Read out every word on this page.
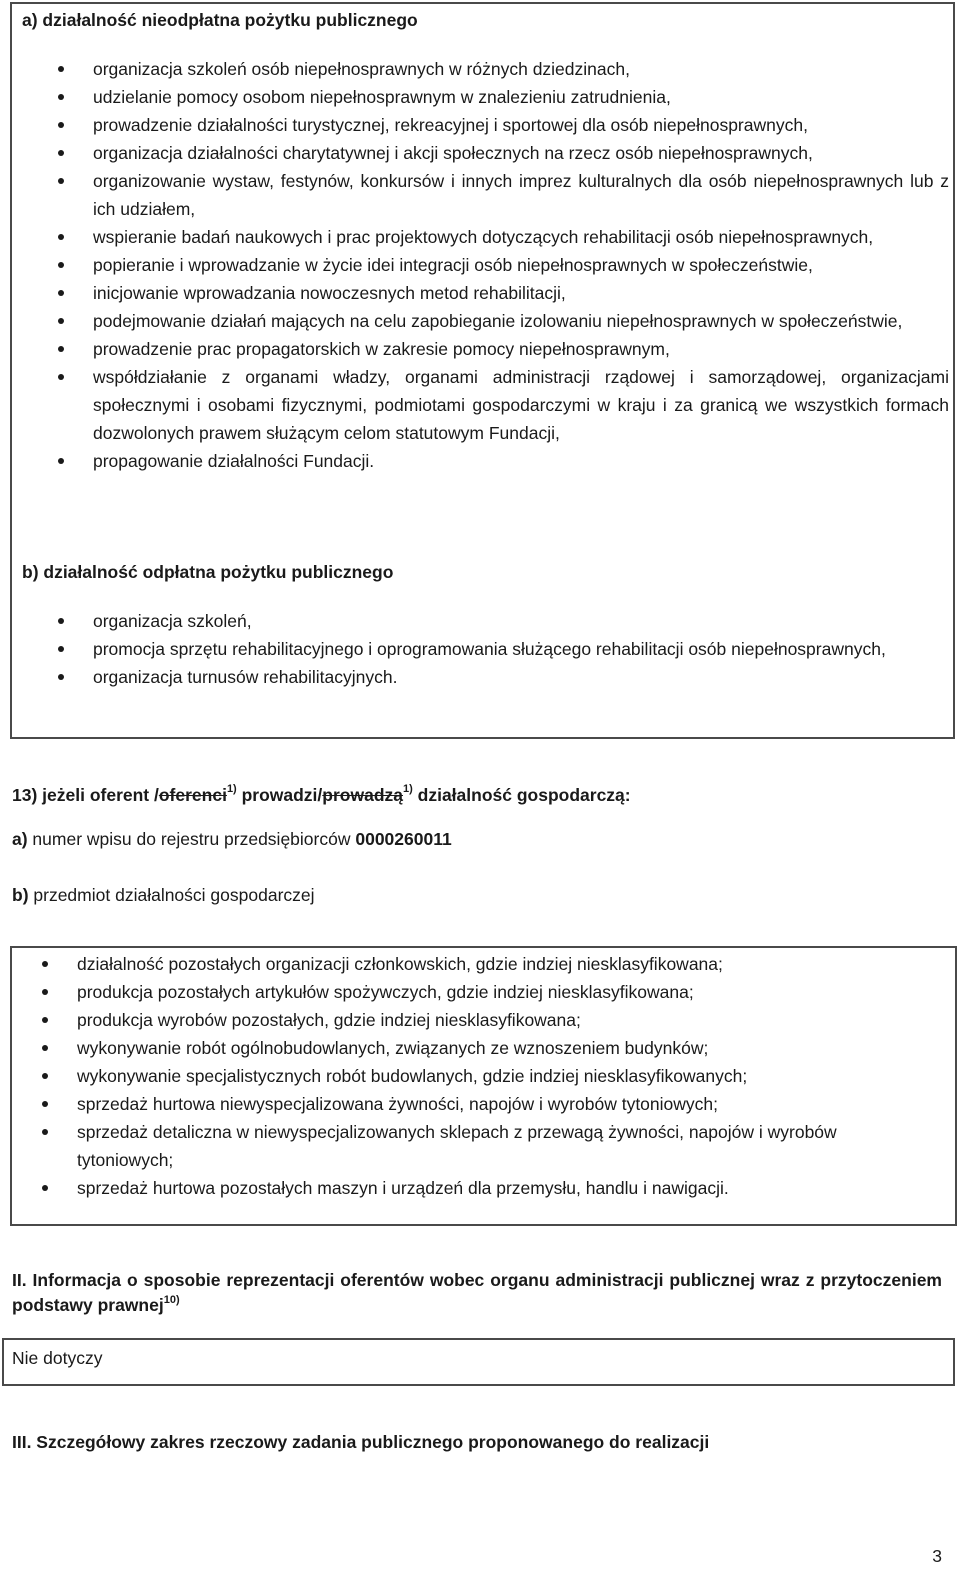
a) działalność nieodpłatna pożytku publicznego
organizacja szkoleń osób niepełnosprawnych w różnych dziedzinach,
udzielanie pomocy osobom niepełnosprawnym w znalezieniu zatrudnienia,
prowadzenie działalności turystycznej, rekreacyjnej i sportowej dla osób niepełnosprawnych,
organizacja działalności charytatywnej i akcji społecznych na rzecz osób niepełnosprawnych,
organizowanie wystaw, festynów, konkursów i innych imprez kulturalnych dla osób niepełnosprawnych lub z ich udziałem,
wspieranie badań naukowych i prac projektowych dotyczących rehabilitacji osób niepełnosprawnych,
popieranie i wprowadzanie w życie idei integracji osób niepełnosprawnych w społeczeństwie,
inicjowanie wprowadzania nowoczesnych metod rehabilitacji,
podejmowanie działań mających na celu zapobieganie izolowaniu niepełnosprawnych w społeczeństwie,
prowadzenie prac propagatorskich w zakresie pomocy niepełnosprawnym,
współdziałanie z organami władzy, organami administracji rządowej i samorządowej, organizacjami społecznymi i osobami fizycznymi, podmiotami gospodarczymi w kraju i za granicą we wszystkich formach dozwolonych prawem służącym celom statutowym Fundacji,
propagowanie działalności Fundacji.
b) działalność odpłatna pożytku publicznego
organizacja szkoleń,
promocja sprzętu rehabilitacyjnego i oprogramowania służącego rehabilitacji osób niepełnosprawnych,
organizacja turnusów rehabilitacyjnych.
13) jeżeli oferent /oferenci$^{1)}$ prowadzi/prowadzą$^{1)}$ działalność gospodarczą:
a) numer wpisu do rejestru przedsiębiorców 0000260011
b) przedmiot działalności gospodarczej
działalność pozostałych organizacji członkowskich, gdzie indziej niesklasyfikowana;
produkcja pozostałych artykułów spożywczych, gdzie indziej niesklasyfikowana;
produkcja wyrobów pozostałych, gdzie indziej niesklasyfikowana;
wykonywanie robót ogólnobudowlanych, związanych ze wznoszeniem budynków;
wykonywanie specjalistycznych robót budowlanych, gdzie indziej niesklasyfikowanych;
sprzedaż hurtowa niewyspecjalizowana żywności, napojów i wyrobów tytoniowych;
sprzedaż detaliczna w niewyspecjalizowanych sklepach z przewagą żywności, napojów i wyrobów tytoniowych;
sprzedaż hurtowa pozostałych maszyn i urządzeń dla przemysłu, handlu i nawigacji.
II. Informacja o sposobie reprezentacji oferentów wobec organu administracji publicznej wraz z przytoczeniem podstawy prawnej$^{10)}$
Nie dotyczy
III. Szczegółowy zakres rzeczowy zadania publicznego proponowanego do realizacji
3
